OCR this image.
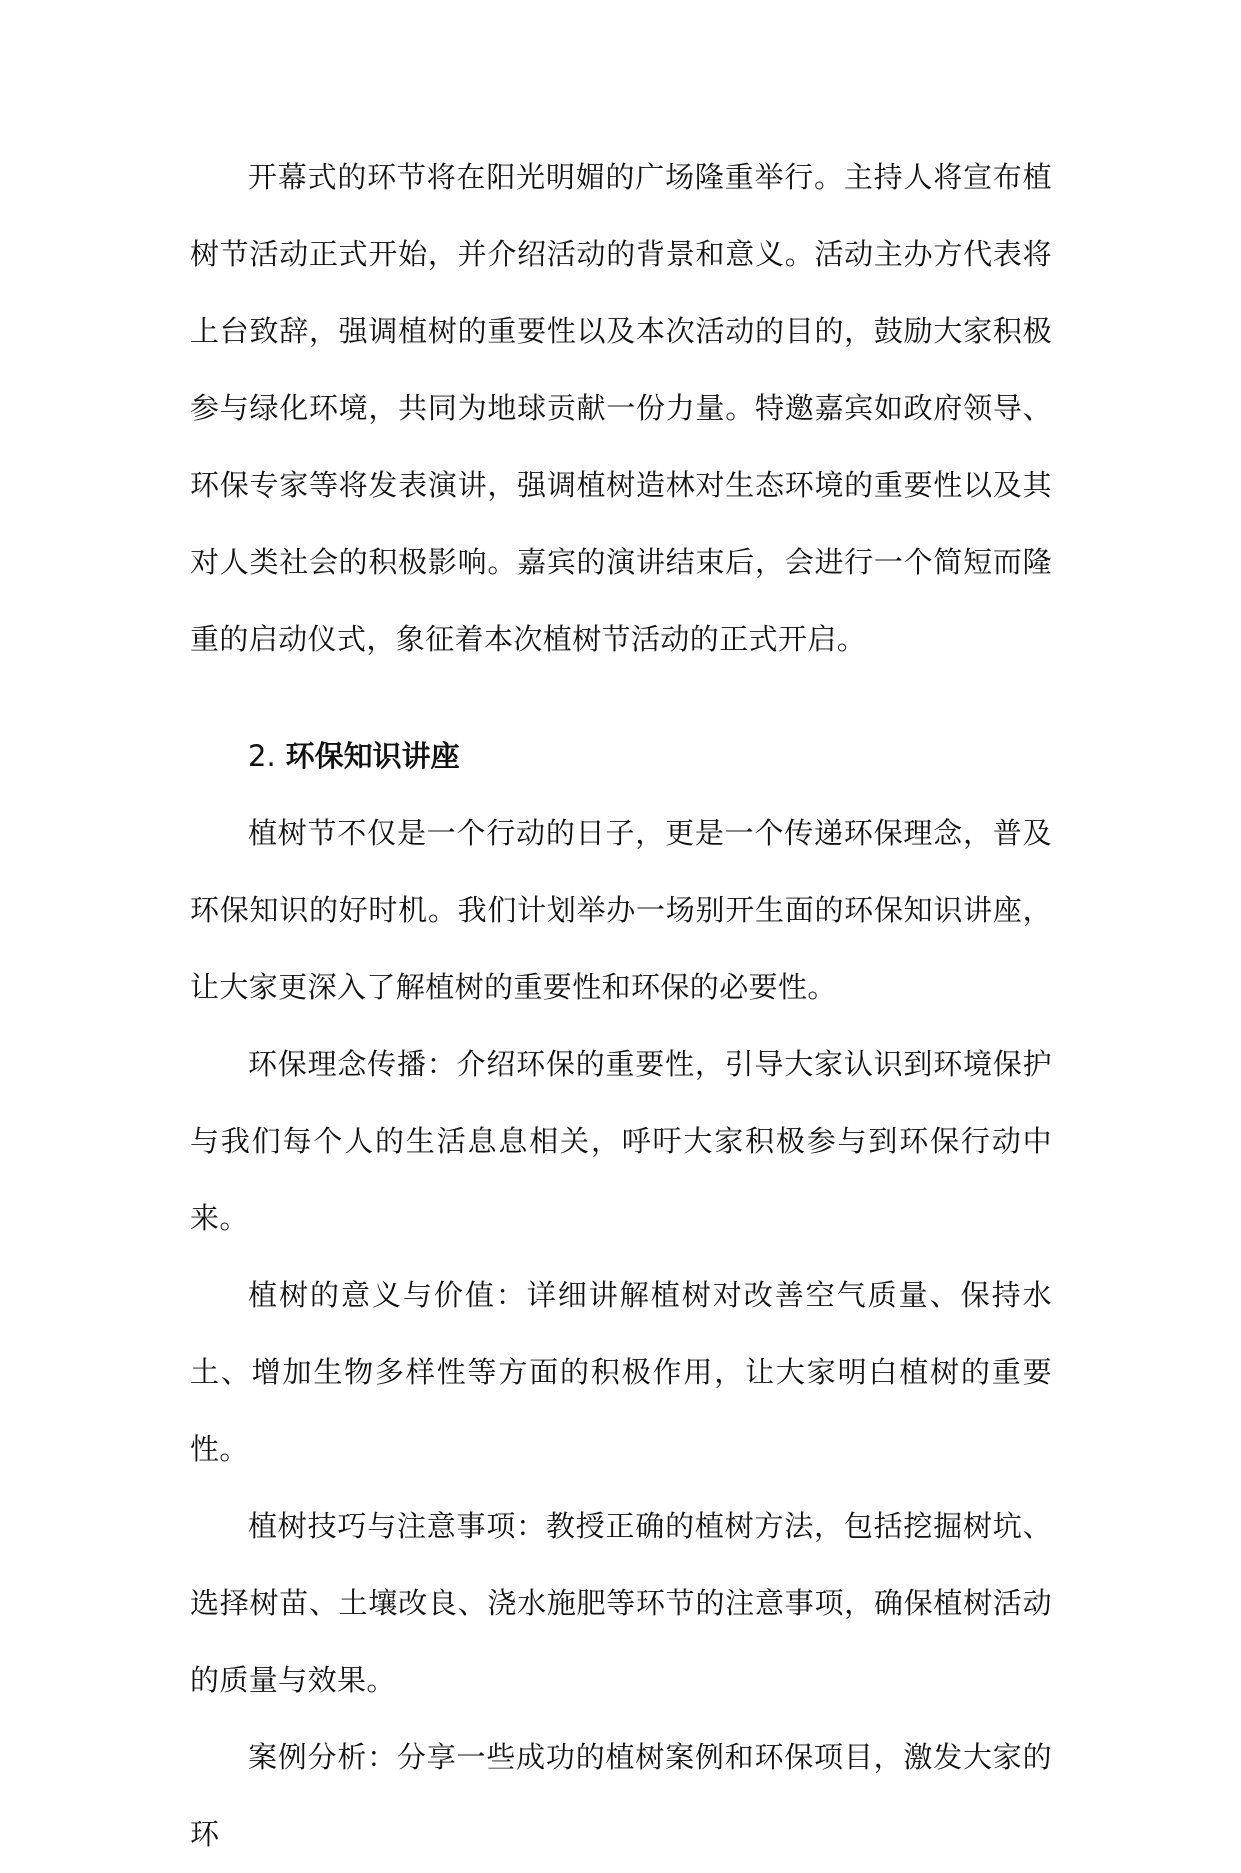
开幕式的环节将在阳光明媚的广场隆重举行。主持人将宣布植树节活动正式开始，并介绍活动的背景和意义。活动主办方代表将上台致辞，强调植树的重要性以及本次活动的目的，鼓励大家积极参与绿化环境，共同为地球贡献一份力量。特邀嘉宾如政府领导、环保专家等将发表演讲，强调植树造林对生态环境的重要性以及其对人类社会的积极影响。嘉宾的演讲结束后，会进行一个简短而隆重的启动仪式，象征着本次植树节活动的正式开启。

2. 环保知识讲座

植树节不仅是一个行动的日子，更是一个传递环保理念，普及环保知识的好时机。我们计划举办一场别开生面的环保知识讲座，让大家更深入了解植树的重要性和环保的必要性。

环保理念传播：介绍环保的重要性，引导大家认识到环境保护与我们每个人的生活息息相关，呼吁大家积极参与到环保行动中来。

植树的意义与价值：详细讲解植树对改善空气质量、保持水土、增加生物多样性等方面的积极作用，让大家明白植树的重要性。

植树技巧与注意事项：教授正确的植树方法，包括挖掘树坑、选择树苗、土壤改良、浇水施肥等环节的注意事项，确保植树活动的质量与效果。

案例分析：分享一些成功的植树案例和环保项目，激发大家的环
